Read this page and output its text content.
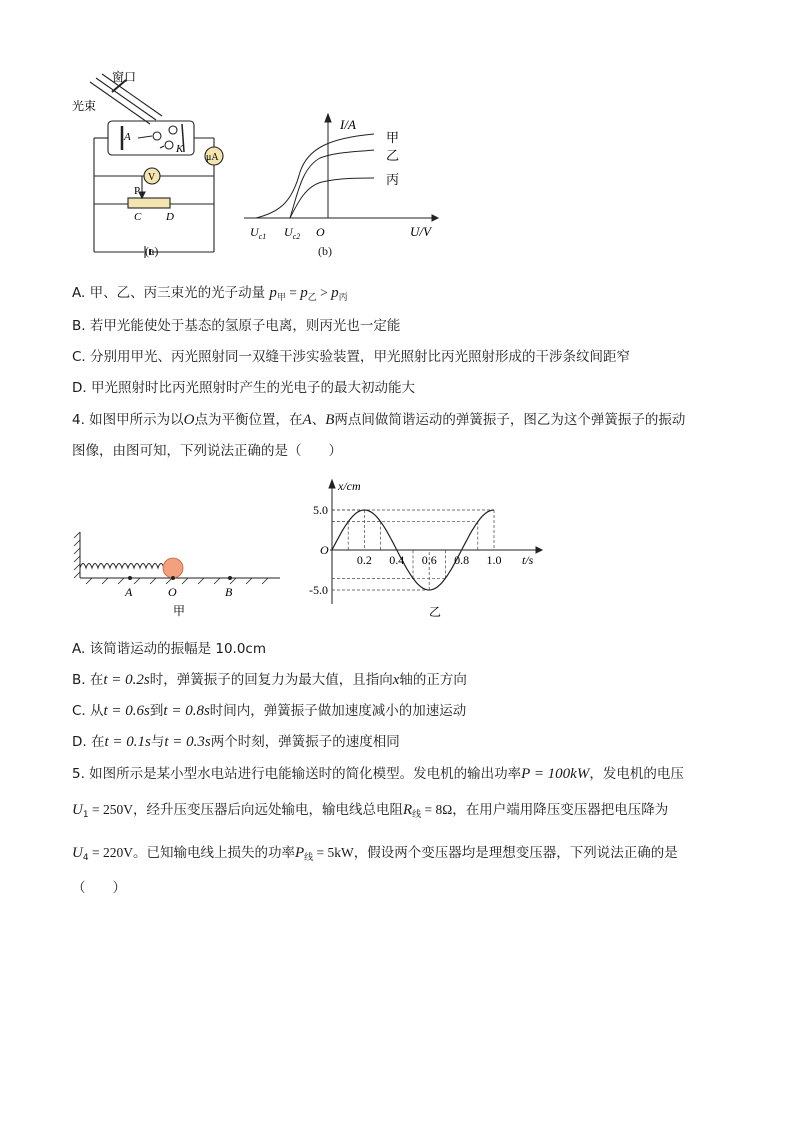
窗口
光束
A
K
μA
V
P
C D
(a)
I/A
U/V
甲
乙
丙
$U_{c1}$ $U_{c2}$ O
(b)
A. 甲、乙、丙三束光的光子动量 $p_甲 = p_乙 > p_丙$
B. 若甲光能使处于基态的氢原子电离，则丙光也一定能
C. 分别用甲光、丙光照射同一双缝干涉实验装置，甲光照射比丙光照射形成的干涉条纹间距窄
D. 甲光照射时比丙光照射时产生的光电子的最大初动能大
4. 如图甲所示为以O点为平衡位置，在A、B两点间做简谐运动的弹簧振子，图乙为这个弹簧振子的振动
图像，由图可知，下列说法正确的是（　　）
A	O	B
甲
0.2 0.4 0.6 0.8 1.0
5.0
-5.0
x/cm
t/s
O
乙
A. 该简谐运动的振幅是 10.0cm
B. 在t = 0.2s时，弹簧振子的回复力为最大值，且指向x轴的正方向
C. 从t = 0.6s到t = 0.8s时间内，弹簧振子做加速度减小的加速运动
D. 在t = 0.1s与t = 0.3s两个时刻，弹簧振子的速度相同
5. 如图所示是某小型水电站进行电能输送时的简化模型。发电机的输出功率P = 100kW，发电机的电压
$U_1 = 250V$，经升压变压器后向远处输电，输电线总电阻$R_线 = 8\Omega$，在用户端用降压变压器把电压降为
$U_4 = 220V$。已知输电线上损失的功率$P_线 = 5kW$，假设两个变压器均是理想变压器，下列说法正确的是
（　　）
